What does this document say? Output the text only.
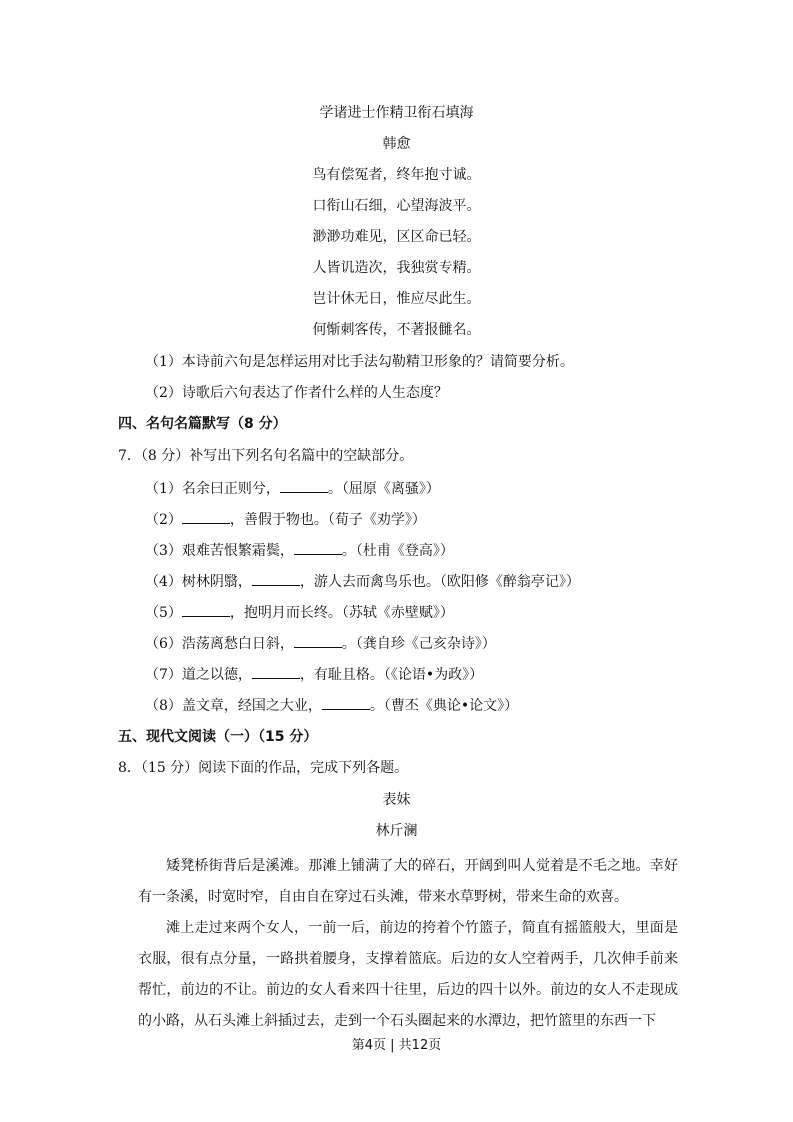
学诸进士作精卫衔石填海
韩愈
鸟有偿冤者，终年抱寸诚。
口衔山石细，心望海波平。
渺渺功难见，区区命已轻。
人皆讥造次，我独赏专精。
岂计休无日，惟应尽此生。
何惭刺客传，不著报雠名。
（1）本诗前六句是怎样运用对比手法勾勒精卫形象的？请简要分析。
（2）诗歌后六句表达了作者什么样的人生态度？
四、名句名篇默写（8 分）
7．（8 分）补写出下列名句名篇中的空缺部分。
（1）名余曰正则兮，	。（屈原《离骚》）
（2）	，善假于物也。（荀子《劝学》）
（3）艰难苦恨繁霜鬓，	。（杜甫《登高》）
（4）树林阴翳，	，游人去而禽鸟乐也。（欧阳修《醉翁亭记》）
（5）	，抱明月而长终。（苏轼《赤壁赋》）
（6）浩荡离愁白日斜，	。（龚自珍《己亥杂诗》）
（7）道之以德，	，有耻且格。（《论语•为政》）
（8）盖文章，经国之大业，	。（曹丕《典论•论文》）
五、现代文阅读（一）（15 分）
8．（15 分）阅读下面的作品，完成下列各题。
表妹
林斤澜
矮凳桥街背后是溪滩。那滩上铺满了大的碎石，开阔到叫人觉着是不毛之地。幸好有一条溪，时宽时窄，自由自在穿过石头滩，带来水草野树，带来生命的欢喜。
滩上走过来两个女人，一前一后，前边的挎着个竹篮子，简直有摇篮般大，里面是衣服，很有点分量，一路拱着腰身，支撑着篮底。后边的女人空着两手，几次伸手前来帮忙，前边的不让。前边的女人看来四十往里，后边的四十以外。前边的女人不走现成的小路，从石头滩上斜插过去，走到一个石头圈起来的水潭边，把竹篮里的东西一下
第4页 | 共12页
